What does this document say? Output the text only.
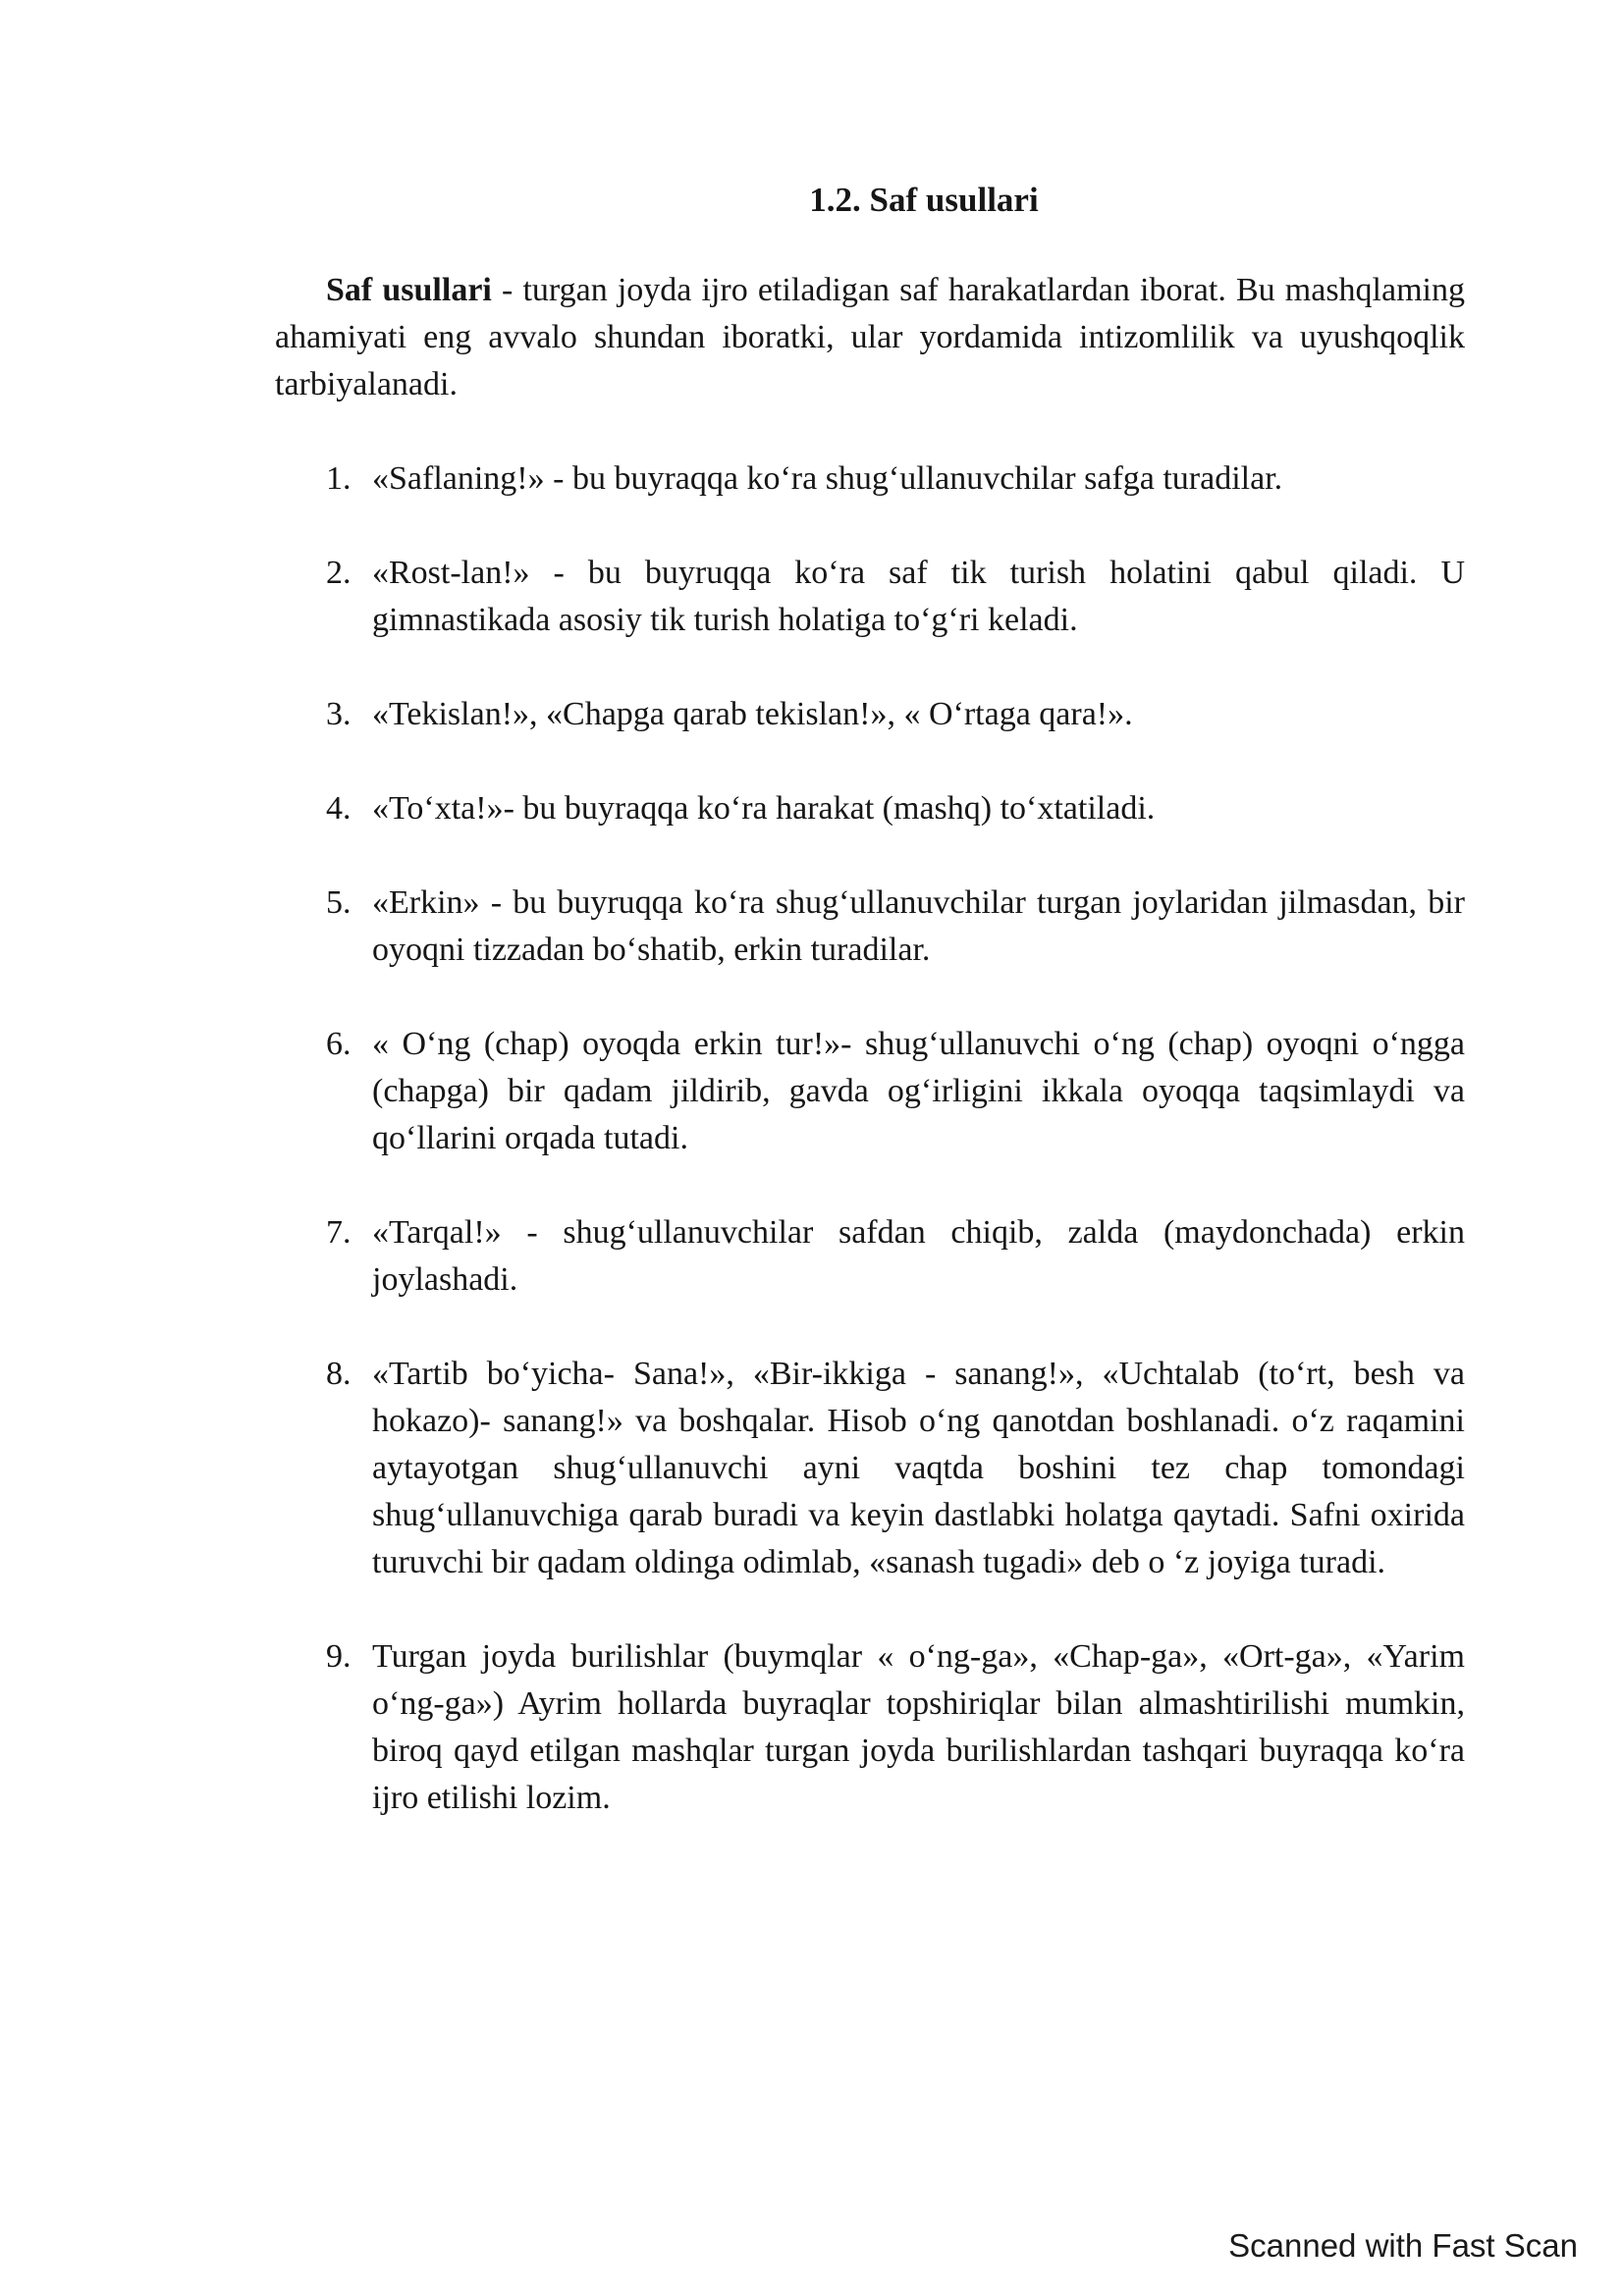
1.2. Saf usullari

Saf usullari - turgan joyda ijro etiladigan saf harakatlardan iborat. Bu mashqlaming ahamiyati eng avvalo shundan iboratki, ular yordamida intizomlilik va uyushqoqlik tarbiyalanadi.

1. «Saflaning!» - bu buyraqqa ko‘ra shug‘ullanuvchilar safga turadilar.
2. «Rost-lan!» - bu buyruqqa ko‘ra saf tik turish holatini qabul qiladi. U gimnastikada asosiy tik turish holatiga to‘g‘ri keladi.
3. «Tekislan!», «Chapga qarab tekislan!», « O‘rtaga qara!».
4. «To‘xta!»- bu buyraqqa ko‘ra harakat (mashq) to‘xtatiladi.
5. «Erkin» - bu buyruqqa ko‘ra shug‘ullanuvchilar turgan joylaridan jilmasdan, bir oyoqni tizzadan bo‘shatib, erkin turadilar.
6. « O‘ng (chap) oyoqda erkin tur!»- shug‘ullanuvchi o‘ng (chap) oyoqni o‘ngga (chapga) bir qadam jildirib, gavda og‘irligini ikkala oyoqqa taqsimlaydi va qo‘llarini orqada tutadi.
7. «Tarqal!» - shug‘ullanuvchilar safdan chiqib, zalda (maydonchada) erkin joylashadi.
8. «Tartib bo‘yicha- Sana!», «Bir-ikkiga - sanang!», «Uchtalab (to‘rt, besh va hokazo)- sanang!» va boshqalar. Hisob o‘ng qanotdan boshlanadi. o‘z raqamini aytayotgan shug‘ullanuvchi ayni vaqtda boshini tez chap tomondagi shug‘ullanuvchiga qarab buradi va keyin dastlabki holatga qaytadi. Safni oxirida turuvchi bir qadam oldinga odimlab, «sanash tugadi» deb o ‘z joyiga turadi.
9. Turgan joyda burilishlar (buymqlar « o‘ng-ga», «Chap-ga», «Ort-ga», «Yarim o‘ng-ga») Ayrim hollarda buyraqlar topshiriqlar bilan almashtirilishi mumkin, biroq qayd etilgan mashqlar turgan joyda burilishlardan tashqari buyraqqa ko‘ra ijro etilishi lozim.
Scanned with Fast Scan
